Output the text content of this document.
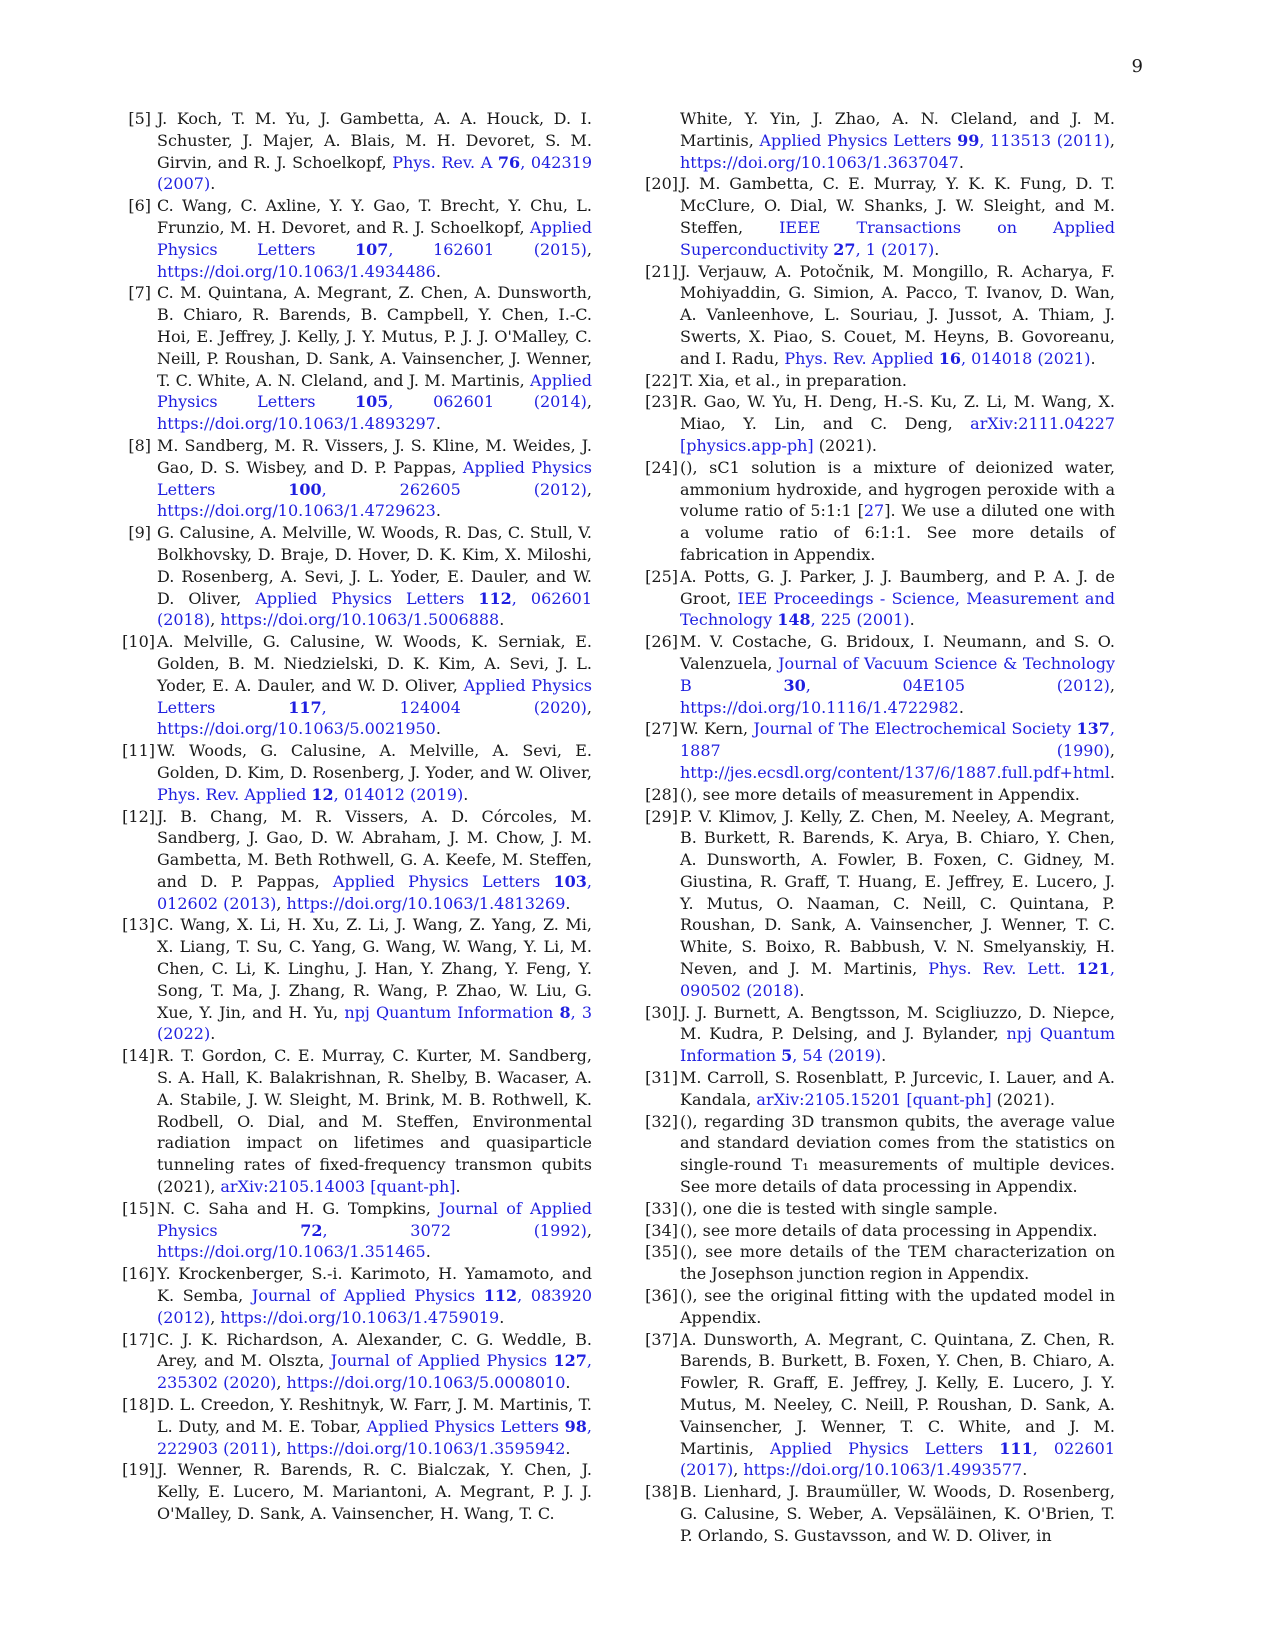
9
[5] J. Koch, T. M. Yu, J. Gambetta, A. A. Houck, D. I. Schuster, J. Majer, A. Blais, M. H. Devoret, S. M. Girvin, and R. J. Schoelkopf, Phys. Rev. A 76, 042319 (2007).
[6] C. Wang, C. Axline, Y. Y. Gao, T. Brecht, Y. Chu, L. Frunzio, M. H. Devoret, and R. J. Schoelkopf, Applied Physics Letters 107, 162601 (2015), https://doi.org/10.1063/1.4934486.
[7] C. M. Quintana, A. Megrant, Z. Chen, A. Dunsworth, B. Chiaro, R. Barends, B. Campbell, Y. Chen, I.-C. Hoi, E. Jeffrey, J. Kelly, J. Y. Mutus, P. J. J. O'Malley, C. Neill, P. Roushan, D. Sank, A. Vainsencher, J. Wenner, T. C. White, A. N. Cleland, and J. M. Martinis, Applied Physics Letters 105, 062601 (2014), https://doi.org/10.1063/1.4893297.
[8] M. Sandberg, M. R. Vissers, J. S. Kline, M. Weides, J. Gao, D. S. Wisbey, and D. P. Pappas, Applied Physics Letters 100, 262605 (2012), https://doi.org/10.1063/1.4729623.
[9] G. Calusine, A. Melville, W. Woods, R. Das, C. Stull, V. Bolkhovsky, D. Braje, D. Hover, D. K. Kim, X. Miloshi, D. Rosenberg, A. Sevi, J. L. Yoder, E. Dauler, and W. D. Oliver, Applied Physics Letters 112, 062601 (2018), https://doi.org/10.1063/1.5006888.
[10] A. Melville, G. Calusine, W. Woods, K. Serniak, E. Golden, B. M. Niedzielski, D. K. Kim, A. Sevi, J. L. Yoder, E. A. Dauler, and W. D. Oliver, Applied Physics Letters 117, 124004 (2020), https://doi.org/10.1063/5.0021950.
[11] W. Woods, G. Calusine, A. Melville, A. Sevi, E. Golden, D. Kim, D. Rosenberg, J. Yoder, and W. Oliver, Phys. Rev. Applied 12, 014012 (2019).
[12] J. B. Chang, M. R. Vissers, A. D. Córcoles, M. Sandberg, J. Gao, D. W. Abraham, J. M. Chow, J. M. Gambetta, M. Beth Rothwell, G. A. Keefe, M. Steffen, and D. P. Pappas, Applied Physics Letters 103, 012602 (2013), https://doi.org/10.1063/1.4813269.
[13] C. Wang, X. Li, H. Xu, Z. Li, J. Wang, Z. Yang, Z. Mi, X. Liang, T. Su, C. Yang, G. Wang, W. Wang, Y. Li, M. Chen, C. Li, K. Linghu, J. Han, Y. Zhang, Y. Feng, Y. Song, T. Ma, J. Zhang, R. Wang, P. Zhao, W. Liu, G. Xue, Y. Jin, and H. Yu, npj Quantum Information 8, 3 (2022).
[14] R. T. Gordon, C. E. Murray, C. Kurter, M. Sandberg, S. A. Hall, K. Balakrishnan, R. Shelby, B. Wacaser, A. A. Stabile, J. W. Sleight, M. Brink, M. B. Rothwell, K. Rodbell, O. Dial, and M. Steffen, Environmental radiation impact on lifetimes and quasiparticle tunneling rates of fixed-frequency transmon qubits (2021), arXiv:2105.14003 [quant-ph].
[15] N. C. Saha and H. G. Tompkins, Journal of Applied Physics 72, 3072 (1992), https://doi.org/10.1063/1.351465.
[16] Y. Krockenberger, S.-i. Karimoto, H. Yamamoto, and K. Semba, Journal of Applied Physics 112, 083920 (2012), https://doi.org/10.1063/1.4759019.
[17] C. J. K. Richardson, A. Alexander, C. G. Weddle, B. Arey, and M. Olszta, Journal of Applied Physics 127, 235302 (2020), https://doi.org/10.1063/5.0008010.
[18] D. L. Creedon, Y. Reshitnyk, W. Farr, J. M. Martinis, T. L. Duty, and M. E. Tobar, Applied Physics Letters 98, 222903 (2011), https://doi.org/10.1063/1.3595942.
[19] J. Wenner, R. Barends, R. C. Bialczak, Y. Chen, J. Kelly, E. Lucero, M. Mariantoni, A. Megrant, P. J. J. O'Malley, D. Sank, A. Vainsencher, H. Wang, T. C.
White, Y. Yin, J. Zhao, A. N. Cleland, and J. M. Martinis, Applied Physics Letters 99, 113513 (2011), https://doi.org/10.1063/1.3637047.
[20] J. M. Gambetta, C. E. Murray, Y. K. K. Fung, D. T. McClure, O. Dial, W. Shanks, J. W. Sleight, and M. Steffen, IEEE Transactions on Applied Superconductivity 27, 1 (2017).
[21] J. Verjauw, A. Potočnik, M. Mongillo, R. Acharya, F. Mohiyaddin, G. Simion, A. Pacco, T. Ivanov, D. Wan, A. Vanleenhove, L. Souriau, J. Jussot, A. Thiam, J. Swerts, X. Piao, S. Couet, M. Heyns, B. Govoreanu, and I. Radu, Phys. Rev. Applied 16, 014018 (2021).
[22] T. Xia, et al., in preparation.
[23] R. Gao, W. Yu, H. Deng, H.-S. Ku, Z. Li, M. Wang, X. Miao, Y. Lin, and C. Deng, arXiv:2111.04227 [physics.app-ph] (2021).
[24] (), sC1 solution is a mixture of deionized water, ammonium hydroxide, and hygrogen peroxide with a volume ratio of 5:1:1 [27]. We use a diluted one with a volume ratio of 6:1:1. See more details of fabrication in Appendix.
[25] A. Potts, G. J. Parker, J. J. Baumberg, and P. A. J. de Groot, IEE Proceedings - Science, Measurement and Technology 148, 225 (2001).
[26] M. V. Costache, G. Bridoux, I. Neumann, and S. O. Valenzuela, Journal of Vacuum Science & Technology B 30, 04E105 (2012), https://doi.org/10.1116/1.4722982.
[27] W. Kern, Journal of The Electrochemical Society 137, 1887 (1990), http://jes.ecsdl.org/content/137/6/1887.full.pdf+html.
[28] (), see more details of measurement in Appendix.
[29] P. V. Klimov, J. Kelly, Z. Chen, M. Neeley, A. Megrant, B. Burkett, R. Barends, K. Arya, B. Chiaro, Y. Chen, A. Dunsworth, A. Fowler, B. Foxen, C. Gidney, M. Giustina, R. Graff, T. Huang, E. Jeffrey, E. Lucero, J. Y. Mutus, O. Naaman, C. Neill, C. Quintana, P. Roushan, D. Sank, A. Vainsencher, J. Wenner, T. C. White, S. Boixo, R. Babbush, V. N. Smelyanskiy, H. Neven, and J. M. Martinis, Phys. Rev. Lett. 121, 090502 (2018).
[30] J. J. Burnett, A. Bengtsson, M. Scigliuzzo, D. Niepce, M. Kudra, P. Delsing, and J. Bylander, npj Quantum Information 5, 54 (2019).
[31] M. Carroll, S. Rosenblatt, P. Jurcevic, I. Lauer, and A. Kandala, arXiv:2105.15201 [quant-ph] (2021).
[32] (), regarding 3D transmon qubits, the average value and standard deviation comes from the statistics on single-round T₁ measurements of multiple devices. See more details of data processing in Appendix.
[33] (), one die is tested with single sample.
[34] (), see more details of data processing in Appendix.
[35] (), see more details of the TEM characterization on the Josephson junction region in Appendix.
[36] (), see the original fitting with the updated model in Appendix.
[37] A. Dunsworth, A. Megrant, C. Quintana, Z. Chen, R. Barends, B. Burkett, B. Foxen, Y. Chen, B. Chiaro, A. Fowler, R. Graff, E. Jeffrey, J. Kelly, E. Lucero, J. Y. Mutus, M. Neeley, C. Neill, P. Roushan, D. Sank, A. Vainsencher, J. Wenner, T. C. White, and J. M. Martinis, Applied Physics Letters 111, 022601 (2017), https://doi.org/10.1063/1.4993577.
[38] B. Lienhard, J. Braumüller, W. Woods, D. Rosenberg, G. Calusine, S. Weber, A. Vepsäläinen, K. O'Brien, T. P. Orlando, S. Gustavsson, and W. D. Oliver, in
